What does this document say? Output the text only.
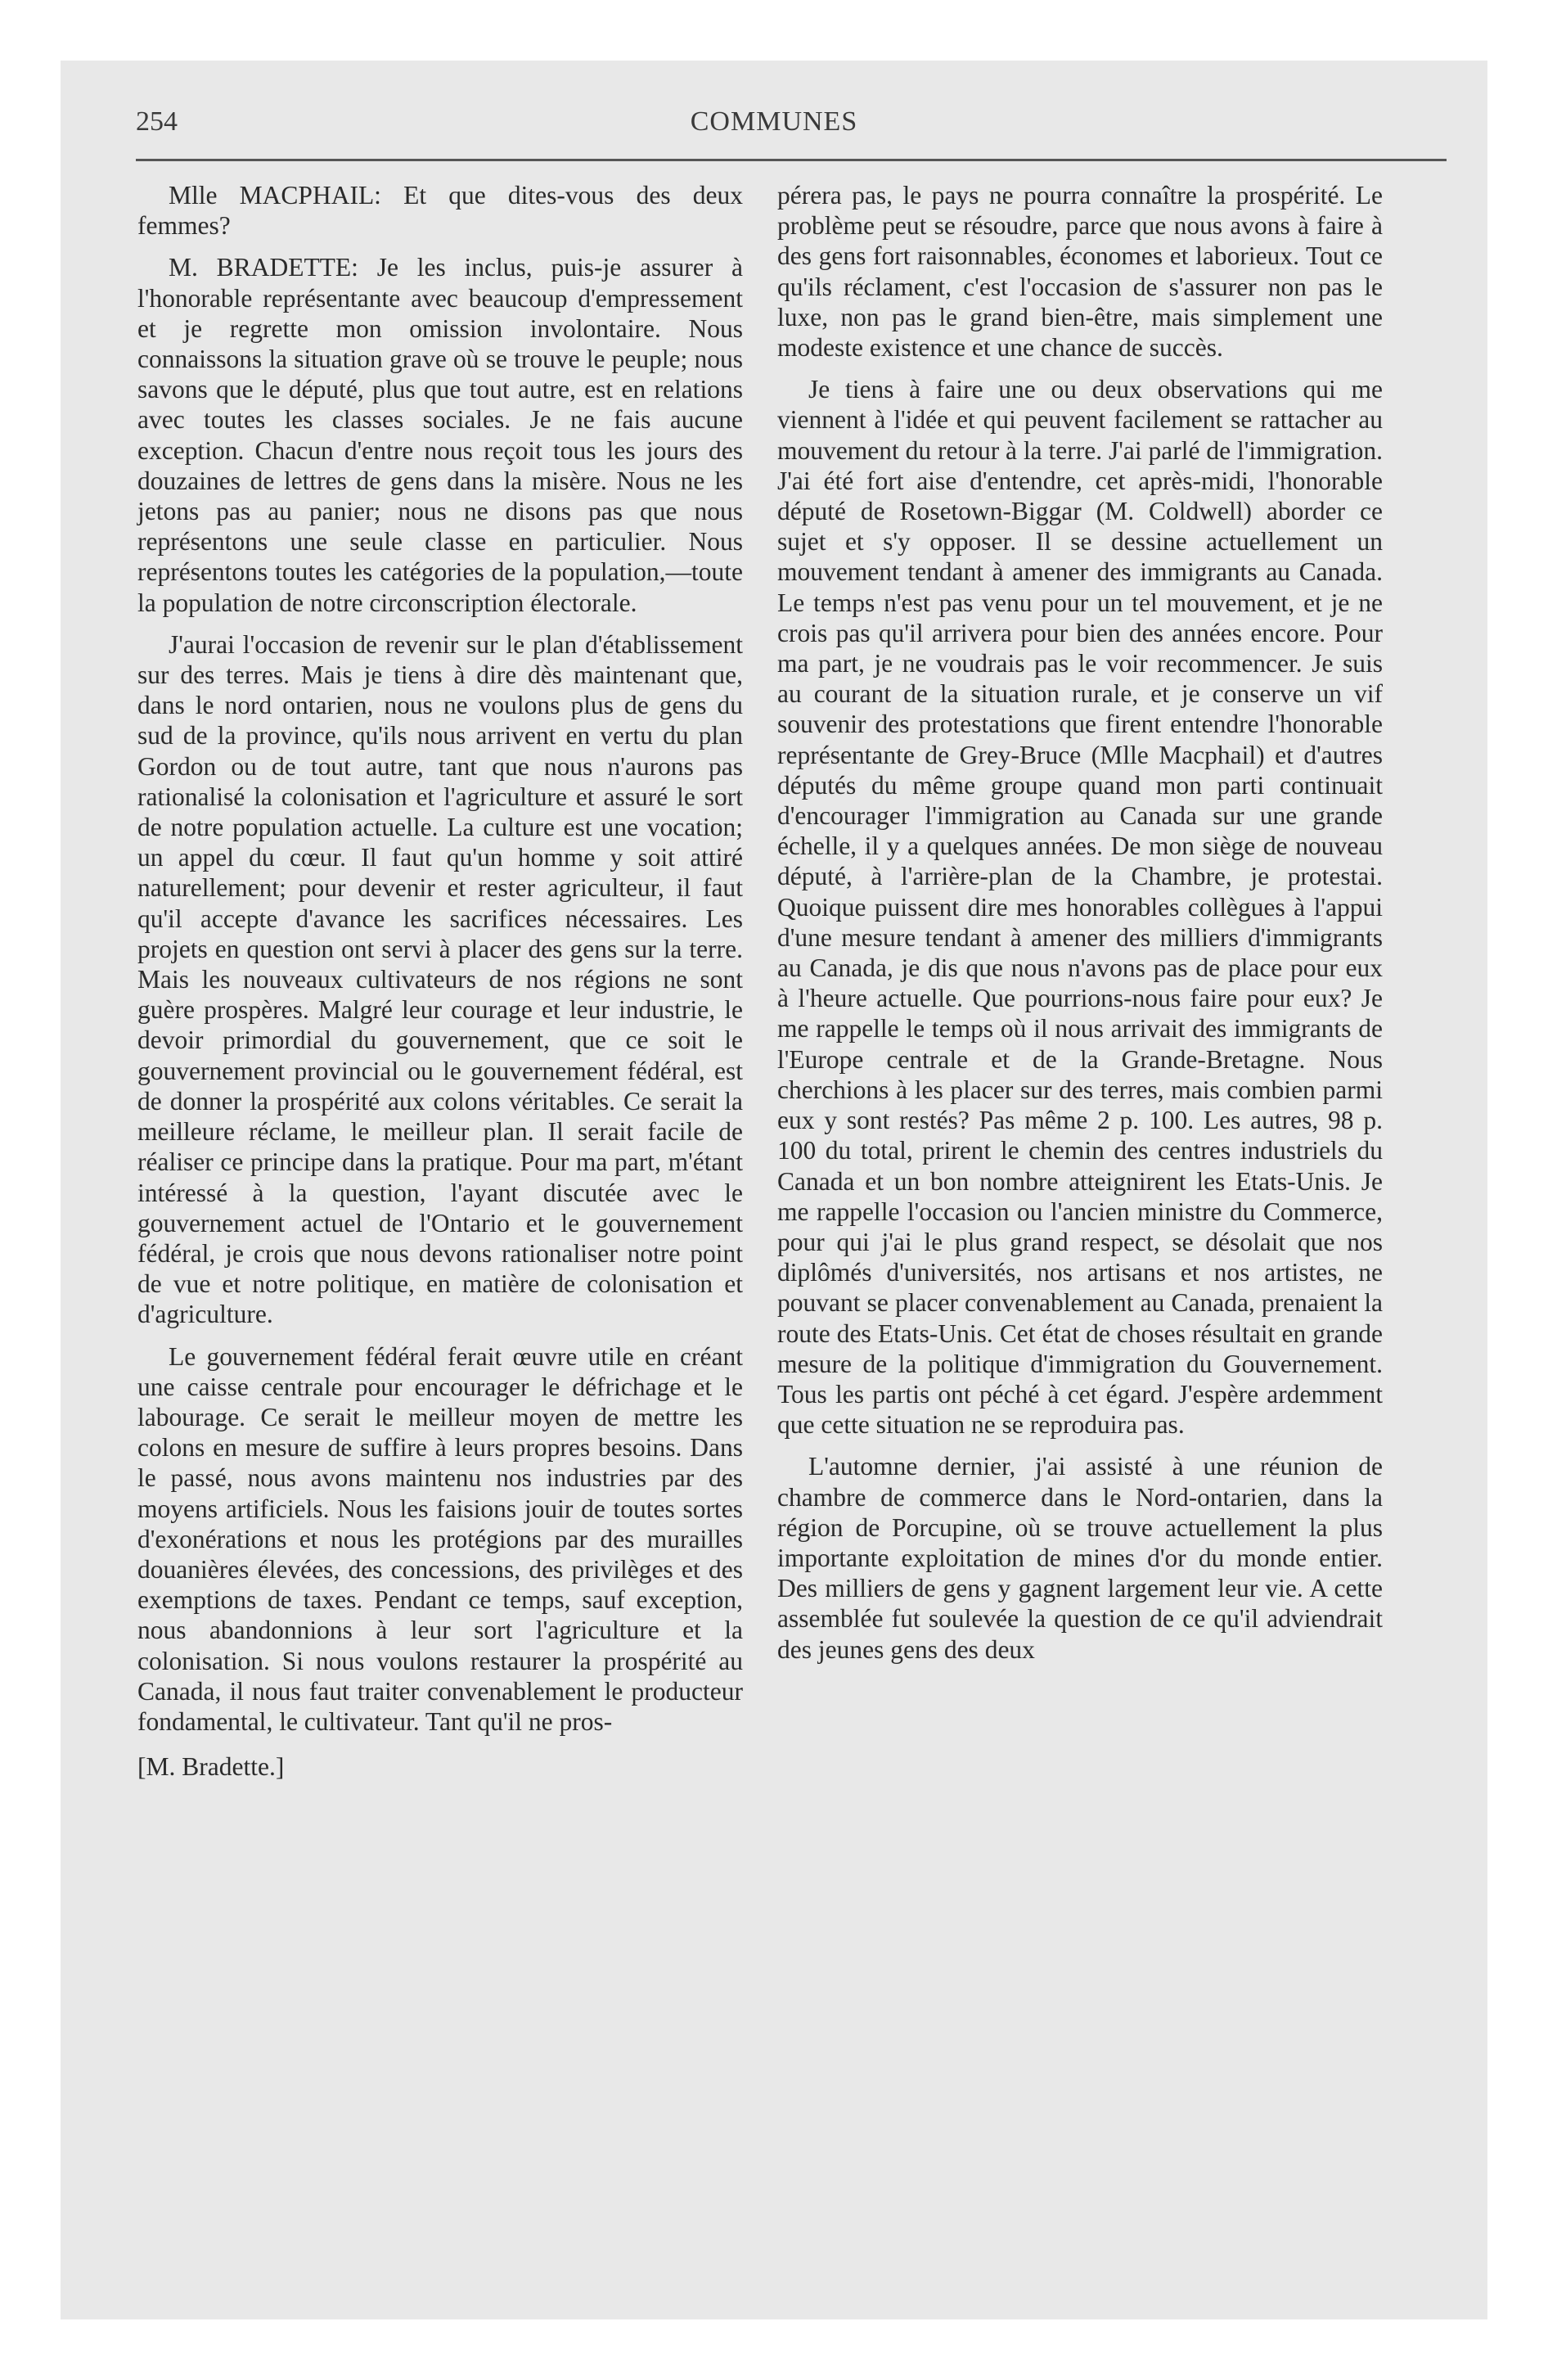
254	COMMUNES

Mlle MACPHAIL: Et que dites-vous des deux femmes?

M. BRADETTE: Je les inclus, puis-je assurer à l'honorable représentante avec beaucoup d'empressement et je regrette mon omission involontaire. Nous connaissons la situation grave où se trouve le peuple; nous savons que le député, plus que tout autre, est en relations avec toutes les classes sociales. Je ne fais aucune exception. Chacun d'entre nous reçoit tous les jours des douzaines de lettres de gens dans la misère. Nous ne les jetons pas au panier; nous ne disons pas que nous représentons une seule classe en particulier. Nous représentons toutes les catégories de la population,—toute la population de notre circonscription électorale.

J'aurai l'occasion de revenir sur le plan d'établissement sur des terres. Mais je tiens à dire dès maintenant que, dans le nord ontarien, nous ne voulons plus de gens du sud de la province, qu'ils nous arrivent en vertu du plan Gordon ou de tout autre, tant que nous n'aurons pas rationalisé la colonisation et l'agriculture et assuré le sort de notre population actuelle. La culture est une vocation; un appel du cœur. Il faut qu'un homme y soit attiré naturellement; pour devenir et rester agriculteur, il faut qu'il accepte d'avance les sacrifices nécessaires. Les projets en question ont servi à placer des gens sur la terre. Mais les nouveaux cultivateurs de nos régions ne sont guère prospères. Malgré leur courage et leur industrie, le devoir primordial du gouvernement, que ce soit le gouvernement provincial ou le gouvernement fédéral, est de donner la prospérité aux colons véritables. Ce serait la meilleure réclame, le meilleur plan. Il serait facile de réaliser ce principe dans la pratique. Pour ma part, m'étant intéressé à la question, l'ayant discutée avec le gouvernement actuel de l'Ontario et le gouvernement fédéral, je crois que nous devons rationaliser notre point de vue et notre politique, en matière de colonisation et d'agriculture.

Le gouvernement fédéral ferait œuvre utile en créant une caisse centrale pour encourager le défrichage et le labourage. Ce serait le meilleur moyen de mettre les colons en mesure de suffire à leurs propres besoins. Dans le passé, nous avons maintenu nos industries par des moyens artificiels. Nous les faisions jouir de toutes sortes d'exonérations et nous les protégions par des murailles douanières élevées, des concessions, des privilèges et des exemptions de taxes. Pendant ce temps, sauf exception, nous abandonnions à leur sort l'agriculture et la colonisation. Si nous voulons restaurer la prospérité au Canada, il nous faut traiter convenablement le producteur fondamental, le cultivateur. Tant qu'il ne pros-

[M. Bradette.]

pérera pas, le pays ne pourra connaître la prospérité. Le problème peut se résoudre, parce que nous avons à faire à des gens fort raisonnables, économes et laborieux. Tout ce qu'ils réclament, c'est l'occasion de s'assurer non pas le luxe, non pas le grand bien-être, mais simplement une modeste existence et une chance de succès.

Je tiens à faire une ou deux observations qui me viennent à l'idée et qui peuvent facilement se rattacher au mouvement du retour à la terre. J'ai parlé de l'immigration. J'ai été fort aise d'entendre, cet après-midi, l'honorable député de Rosetown-Biggar (M. Coldwell) aborder ce sujet et s'y opposer. Il se dessine actuellement un mouvement tendant à amener des immigrants au Canada. Le temps n'est pas venu pour un tel mouvement, et je ne crois pas qu'il arrivera pour bien des années encore. Pour ma part, je ne voudrais pas le voir recommencer. Je suis au courant de la situation rurale, et je conserve un vif souvenir des protestations que firent entendre l'honorable représentante de Grey-Bruce (Mlle Macphail) et d'autres députés du même groupe quand mon parti continuait d'encourager l'immigration au Canada sur une grande échelle, il y a quelques années. De mon siège de nouveau député, à l'arrière-plan de la Chambre, je protestai. Quoique puissent dire mes honorables collègues à l'appui d'une mesure tendant à amener des milliers d'immigrants au Canada, je dis que nous n'avons pas de place pour eux à l'heure actuelle. Que pourrions-nous faire pour eux? Je me rappelle le temps où il nous arrivait des immigrants de l'Europe centrale et de la Grande-Bretagne. Nous cherchions à les placer sur des terres, mais combien parmi eux y sont restés? Pas même 2 p. 100. Les autres, 98 p. 100 du total, prirent le chemin des centres industriels du Canada et un bon nombre atteignirent les Etats-Unis. Je me rappelle l'occasion ou l'ancien ministre du Commerce, pour qui j'ai le plus grand respect, se désolait que nos diplômés d'universités, nos artisans et nos artistes, ne pouvant se placer convenablement au Canada, prenaient la route des Etats-Unis. Cet état de choses résultait en grande mesure de la politique d'immigration du Gouvernement. Tous les partis ont péché à cet égard. J'espère ardemment que cette situation ne se reproduira pas.

L'automne dernier, j'ai assisté à une réunion de chambre de commerce dans le Nord-ontarien, dans la région de Porcupine, où se trouve actuellement la plus importante exploitation de mines d'or du monde entier. Des milliers de gens y gagnent largement leur vie. A cette assemblée fut soulevée la question de ce qu'il adviendrait des jeunes gens des deux
